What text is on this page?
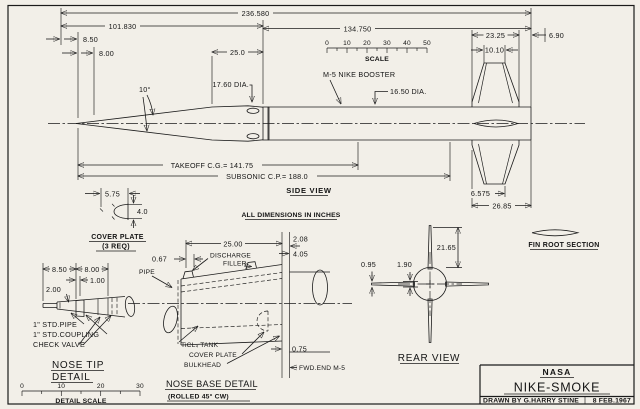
236.580
101.830	134.750
8.50
8.00	25.0
17.60 DIA.
10°	16.50 DIA.
M-5 NIKE BOOSTER
23.25
10.10
6.90
6.575
26.85
TAKEOFF C.G.= 141.75
SUBSONIC C.P.= 188.0
SIDE VIEW
ALL DIMENSIONS IN INCHES
0 10 20 30 40 50
SCALE
5.75
4.0
COVER PLATE
(3 REQ)
8.50 8.00
1.00
2.00
1" STD.PIPE
1" STD.COUPLING
CHECK VALVE
NOSE TIP
DETAIL
0	10	20	30
DETAIL SCALE
25.00
0.67
2.08
4.05
0.75
PIPE
DISCHARGE
FILLER
TiCL₄ TANK
COVER PLATE
BULKHEAD	FWD.END M-5
NOSE BASE DETAIL
(ROLLED 45° CW)
21.65
1.90
0.95
REAR VIEW
FIN ROOT SECTION
NASA
NIKE-SMOKE
DRAWN BY G.HARRY STINE 8 FEB.1967
